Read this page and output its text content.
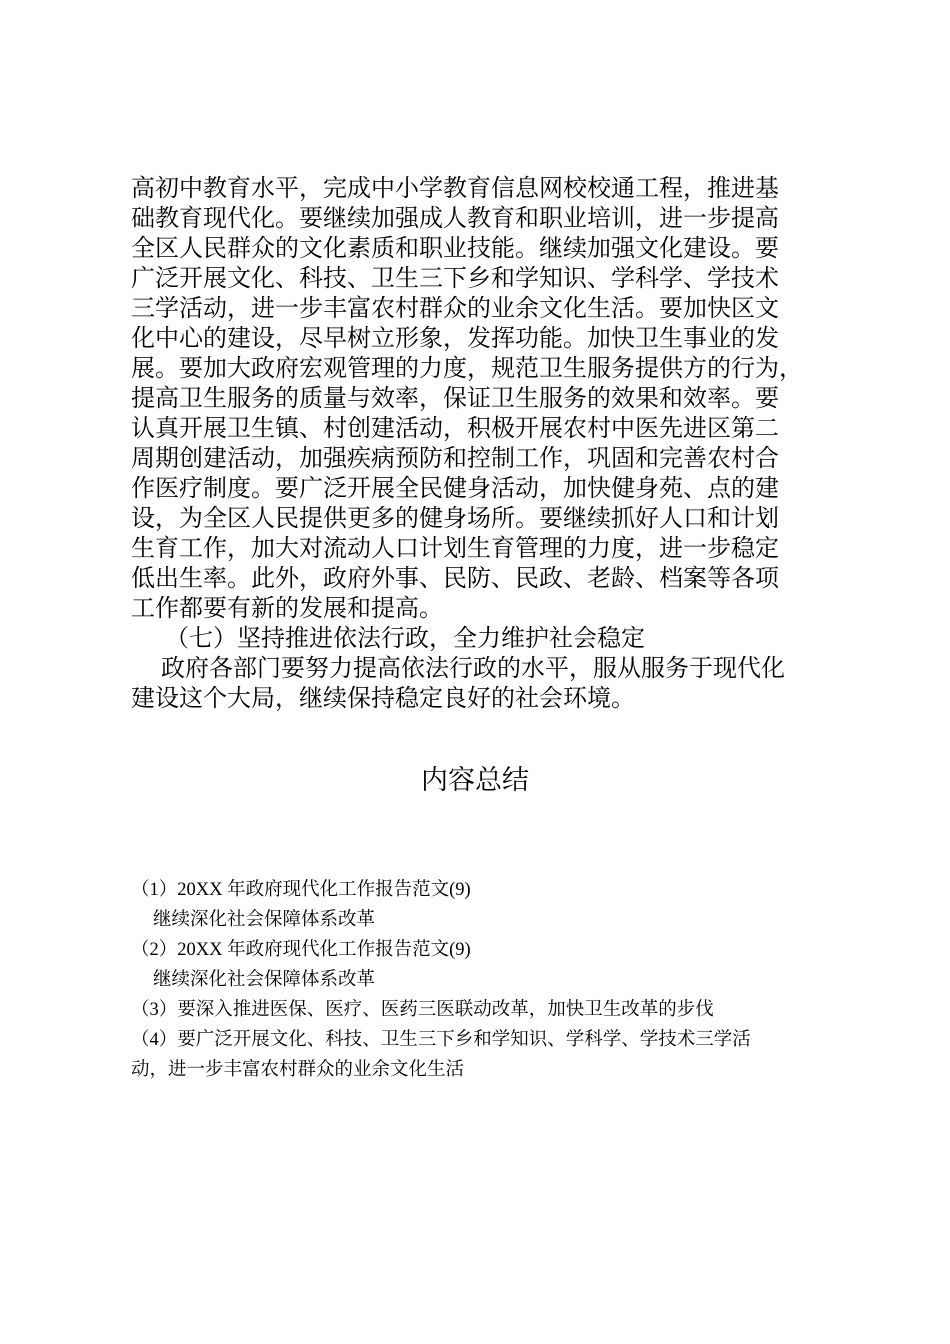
高初中教育水平，完成中小学教育信息网校校通工程，推进基
础教育现代化。要继续加强成人教育和职业培训，进一步提高
全区人民群众的文化素质和职业技能。继续加强文化建设。要
广泛开展文化、科技、卫生三下乡和学知识、学科学、学技术
三学活动，进一步丰富农村群众的业余文化生活。要加快区文
化中心的建设，尽早树立形象，发挥功能。加快卫生事业的发
展。要加大政府宏观管理的力度，规范卫生服务提供方的行为，
提高卫生服务的质量与效率，保证卫生服务的效果和效率。要
认真开展卫生镇、村创建活动，积极开展农村中医先进区第二
周期创建活动，加强疾病预防和控制工作，巩固和完善农村合
作医疗制度。要广泛开展全民健身活动，加快健身苑、点的建
设，为全区人民提供更多的健身场所。要继续抓好人口和计划
生育工作，加大对流动人口计划生育管理的力度，进一步稳定
低出生率。此外，政府外事、民防、民政、老龄、档案等各项
工作都要有新的发展和提高。
（七）坚持推进依法行政，全力维护社会稳定
政府各部门要努力提高依法行政的水平，服从服务于现代化
建设这个大局，继续保持稳定良好的社会环境。
内容总结
（1）20XX 年政府现代化工作报告范文(9)
继续深化社会保障体系改革
（2）20XX 年政府现代化工作报告范文(9)
继续深化社会保障体系改革
（3）要深入推进医保、医疗、医药三医联动改革，加快卫生改革的步伐
（4）要广泛开展文化、科技、卫生三下乡和学知识、学科学、学技术三学活
动，进一步丰富农村群众的业余文化生活
